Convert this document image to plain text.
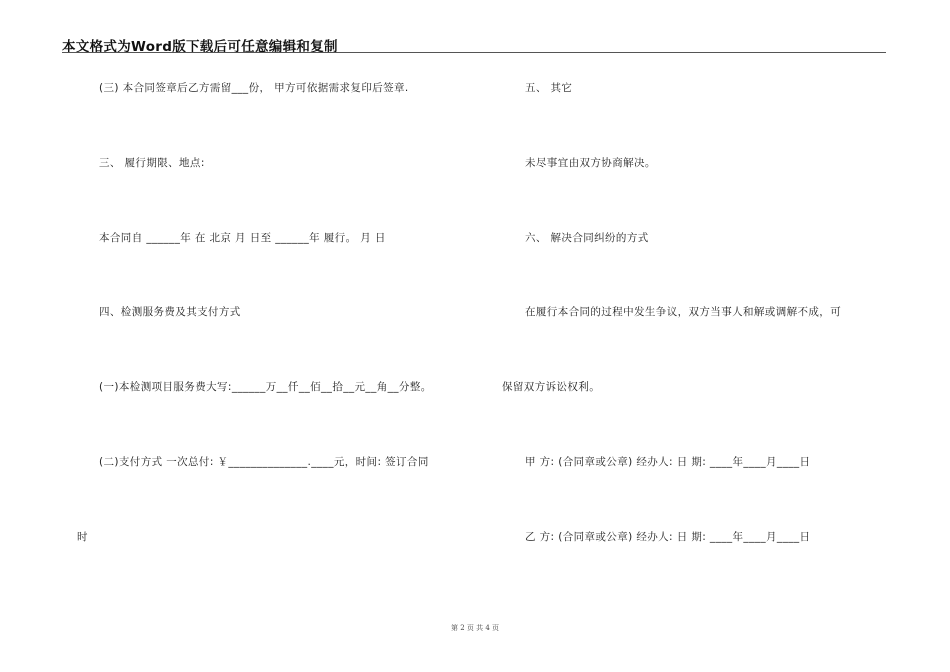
本文格式为Word版下载后可任意编辑和复制
(三) 本合同签章后乙方需留___份， 甲方可依据需求复印后签章.
三、 履行期限、地点:
本合同自 ______年 在 北京 月 日至 ______年 履行。 月 日
四、检测服务费及其支付方式
(一)本检测项目服务费大写:______万__仟__佰__拾__元__角__分整。
(二)支付方式 一次总付: ￥______________.____元，时间: 签订合同
时
五、 其它
未尽事宜由双方协商解决。
六、 解决合同纠纷的方式
在履行本合同的过程中发生争议，双方当事人和解或调解不成，可
保留双方诉讼权利。
甲 方: (合同章或公章) 经办人: 日 期: ____年____月____日
乙 方: (合同章或公章) 经办人: 日 期: ____年____月____日
第 2 页 共 4 页
